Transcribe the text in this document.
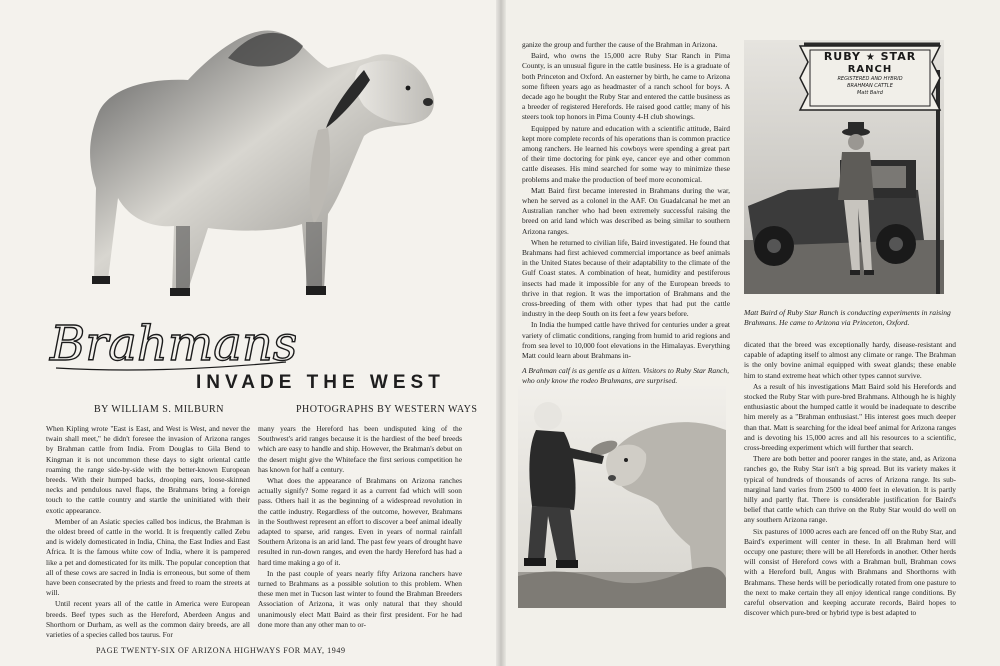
Brahmans
INVADE THE WEST
BY WILLIAM S. MILBURN	PHOTOGRAPHS BY WESTERN WAYS

When Kipling wrote "East is East, and West is West, and never the twain shall meet," he didn't foresee the invasion of Arizona ranges by Brahman cattle from India. From Douglas to Gila Bend to Kingman it is not uncommon these days to sight oriental cattle roaming the range side-by-side with the better-known European breeds. With their humped backs, drooping ears, loose-skinned necks and pendulous navel flaps, the Brahmans bring a foreign touch to the cattle country and startle the uninitiated with their exotic appearance.

Member of an Asiatic species called bos indicus, the Brahman is the oldest breed of cattle in the world. It is frequently called Zebu and is widely domesticated in India, China, the East Indies and East Africa. It is the famous white cow of India, where it is pampered like a pet and domesticated for its milk. The popular conception that all of these cows are sacred in India is erroneous, but some of them have been consecrated by the priests and freed to roam the streets at will.

Until recent years all of the cattle in America were European breeds. Beef types such as the Hereford, Aberdeen Angus and Shorthorn or Durham, as well as the common dairy breeds, are all varieties of a species called bos taurus. For

many years the Hereford has been undisputed king of the Southwest's arid ranges because it is the hardiest of the beef breeds which are easy to handle and ship. However, the Brahman's debut on the desert might give the Whiteface the first serious competition he has known for half a century.

What does the appearance of Brahmans on Arizona ranches actually signify? Some regard it as a current fad which will soon pass. Others hail it as the beginning of a widespread revolution in the cattle industry. Regardless of the outcome, however, Brahmans in the Southwest represent an effort to discover a beef animal ideally adapted to sparse, arid ranges. Even in years of normal rainfall Southern Arizona is an arid land. The past few years of drought have resulted in run-down ranges, and even the hardy Hereford has had a hard time making a go of it.

In the past couple of years nearly fifty Arizona ranchers have turned to Brahmans as a possible solution to this problem. When these men met in Tucson last winter to found the Brahman Breeders Association of Arizona, it was only natural that they should unanimously elect Matt Baird as their first president. For he had done more than any other man to or-

PAGE TWENTY-SIX OF ARIZONA HIGHWAYS FOR MAY, 1949

ganize the group and further the cause of the Brahman in Arizona.

Baird, who owns the 15,000 acre Ruby Star Ranch in Pima County, is an unusual figure in the cattle business. He is a graduate of both Princeton and Oxford. An easterner by birth, he came to Arizona some fifteen years ago as headmaster of a ranch school for boys. A decade ago he bought the Ruby Star and entered the cattle business as a breeder of registered Herefords. He raised good cattle; many of his steers took top honors in Pima County 4-H club showings.

Equipped by nature and education with a scientific attitude, Baird kept more complete records of his operations than is common practice among ranchers. He learned his cowboys were spending a great part of their time doctoring for pink eye, cancer eye and other common cattle diseases. His mind searched for some way to minimize these problems and make the production of beef more economical.

Matt Baird first became interested in Brahmans during the war, when he served as a colonel in the AAF. On Guadalcanal he met an Australian rancher who had been extremely successful raising the breed on arid land which was described as being similar to southern Arizona ranges.

When he returned to civilian life, Baird investigated. He found that Brahmans had first achieved commercial importance as beef animals in the United States because of their adaptability to the climate of the Gulf Coast states. A combination of heat, humidity and pestiferous insects had made it impossible for any of the European breeds to thrive in that region. It was the importation of Brahmans and the cross-breeding of them with other types that had put the cattle industry in the deep South on its feet a few years before.

In India the humped cattle have thrived for centuries under a great variety of climatic conditions, ranging from humid to arid regions and from sea level to 10,000 foot elevations in the Himalayas. Everything Matt could learn about Brahmans in-

RUBY ★ STAR
RANCH
REGISTERED AND HYBRID
BRAHMAN CATTLE
Matt Baird
Matt Baird of Ruby Star Ranch is conducting experiments in raising Brahmans. He came to Arizona via Princeton, Oxford.
A Brahman calf is as gentle as a kitten. Visitors to Ruby Star Ranch, who only know the rodeo Brahmans, are surprised.

dicated that the breed was exceptionally hardy, disease-resistant and capable of adapting itself to almost any climate or range. The Brahman is the only bovine animal equipped with sweat glands; these enable him to stand extreme heat which other types cannot survive.

As a result of his investigations Matt Baird sold his Herefords and stocked the Ruby Star with pure-bred Brahmans. Although he is highly enthusiastic about the humped cattle it would be inadequate to describe him merely as a "Brahman enthusiast." His interest goes much deeper than that. Matt is searching for the ideal beef animal for Arizona ranges and is devoting his 15,000 acres and all his resources to a scientific, cross-breeding experiment which will further that search.

There are both better and poorer ranges in the state, and, as Arizona ranches go, the Ruby Star isn't a big spread. But its variety makes it typical of hundreds of thousands of acres of Arizona range. Its sub-marginal land varies from 2500 to 4000 feet in elevation. It is partly hilly and partly flat. There is considerable justification for Baird's belief that cattle which can thrive on the Ruby Star would do well on any southern Arizona range.

Six pastures of 1000 acres each are fenced off on the Ruby Star, and Baird's experiment will center in these. In all Brahman herd will occupy one pasture; there will be all Herefords in another. Other herds will consist of Hereford cows with a Brahman bull, Brahman cows with a Hereford bull, Angus with Brahmans and Shorthorns with Brahmans. These herds will be periodically rotated from one pasture to the next to make certain they all enjoy identical range conditions. By careful observation and keeping accurate records, Baird hopes to discover which pure-bred or hybrid type is best adapted to
